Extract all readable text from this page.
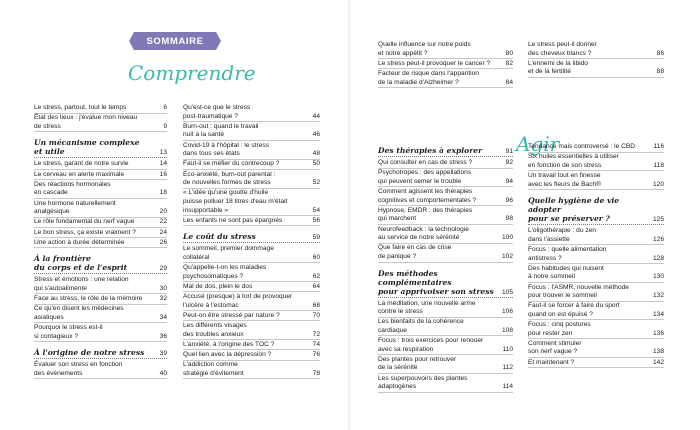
SOMMAIRE
Comprendre
Agir
Le stress, partout, tout le temps	6
État des lieux : j'évalue mon niveau
de stress	9
Un mécanisme complexe et utile	13
Le stress, garant de notre survie	14
Le cerveau en alerte maximale	16
Des réactions hormonales
en cascade	18
Une hormone naturellement
analgésique	20
Le rôle fondamental du nerf vague	22
Le bon stress, ça existe vraiment ?	24
Une action à durée déterminée	26
À la frontière
du corps et de l'esprit	29
Stress et émotions : une relation
qui s'autoalimente	30
Face au stress, le rôle de la mémoire	32
Ce qu'en disent les médecines
asiatiques	34
Pourquoi le stress est-il
si contagieux ?	36
À l'origine de notre stress	39
Évaluer son stress en fonction
des événements	40
Qu'est-ce que le stress
post-traumatique ?	44
Burn-out : quand le travail
nuit à la santé	46
Covid-19 à l'hôpital : le stress
dans tous ses états	48
Faut-il se méfier du contrecoup ?	50
Éco-anxiété, burn-out parental :
de nouvelles formes de stress	52
« L'idée qu'une goutte d'huile
puisse polluer 18 litres d'eau m'était
insupportable »	54
Les enfants ne sont pas épargnés	56
Le coût du stress	59
Le sommeil, premier dommage
collatéral	60
Qu'appelle-t-on les maladies
psychosomatiques ?	62
Mal de dos, plein le dos	64
Accusé (presque) à tort de provoquer
l'ulcère à l'estomac	68
Peut-on être stressé par nature ?	70
Les différents visages
des troubles anxieux	72
L'anxiété, à l'origine des TOC ?	74
Quel lien avec la dépression ?	76
L'addiction comme
stratégie d'évitement	78
Quelle influence sur notre poids
et notre appétit ?	80
Le stress peut-il provoquer le cancer ?	82
Facteur de risque dans l'apparition
de la maladie d'Alzheimer ?	84
Des thérapies à explorer	91
Qui consulter en cas de stress ?	92
Psychotropes : des appellations
qui peuvent semer le trouble	94
Comment agissent les thérapies
cognitives et comportementales ?	96
Hypnose, EMDR : des thérapies
qui marchent	98
Neurofeedback : la technologie
au service de notre sérénité	100
Que faire en cas de crise
de panique ?	102
Des méthodes complémentaires
pour apprivoiser son stress	105
La méditation, une nouvelle arme
contre le stress	106
Les bienfaits de la cohérence
cardiaque	108
Focus : trois exercices pour renouer
avec sa respiration	110
Des plantes pour retrouver
de la sérénité	112
Les superpouvoirs des plantes
adaptogènes	114
Le stress peut-il donner
des cheveux blancs ?	86
L'ennemi de la libido
et de la fertilité	88
Tendance mais controversé : le CBD	116
Six huiles essentielles à utiliser
en fonction de son stress	118
Un travail tout en finesse
avec les fleurs de Bach®	120
Quelle hygiène de vie adopter
pour se préserver ?	125
L'oligothérapie : du zen
dans l'assiette	126
Focus : quelle alimentation
antistress ?	128
Des habitudes qui nuisent
à notre sommeil	130
Focus : l'ASMR, nouvelle méthode
pour trouver le sommeil	132
Faut-il se forcer à faire du sport
quand on est épuisé ?	134
Focus : cinq postures
pour rester zen	136
Comment stimuler
son nerf vague ?	138
Et maintenant ?	142
